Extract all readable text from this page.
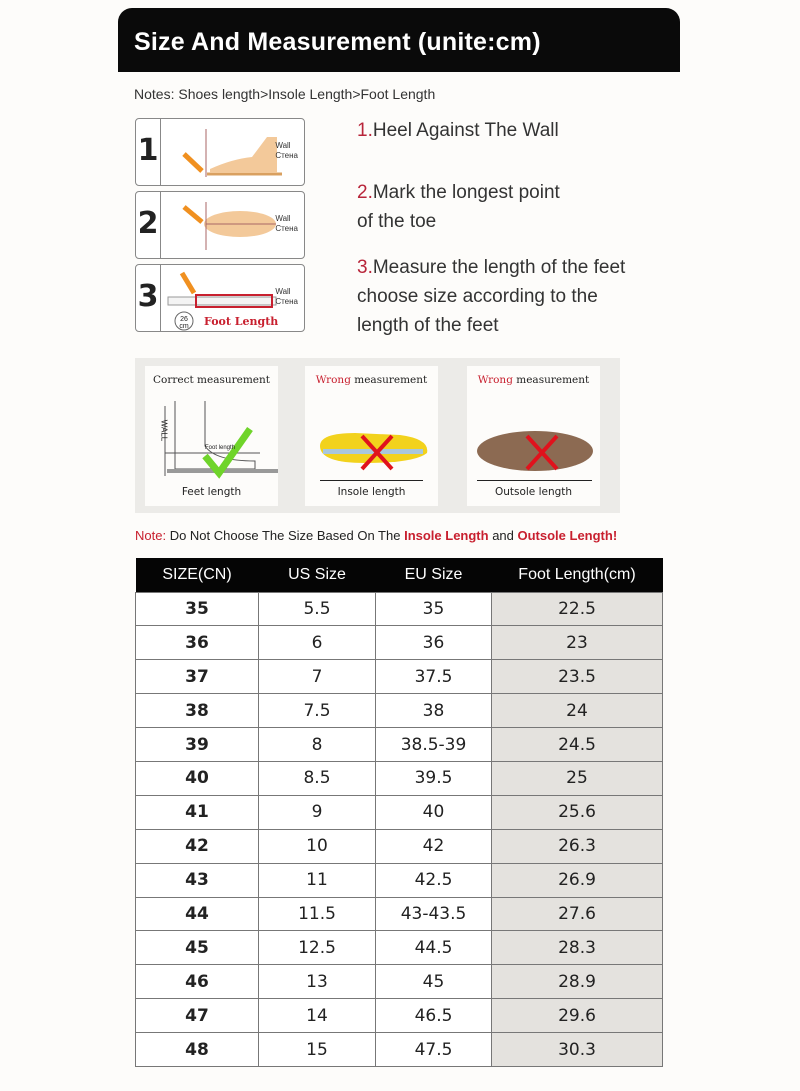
Size And Measurement (unite:cm)
Notes: Shoes length>Insole Length>Foot Length
1	Wall
Стена
2	Wall
Стена
3
26 cm	Foot Length
Wall
Стена
1.Heel Against The Wall
2.Mark the longest point
of the toe
3.Measure the length of the feet
choose size according to the
length of the feet
Correct measurement
WALL
Foot length
Feet length
Wrong measurement
Insole length
Wrong measurement
Outsole length
Note: Do Not Choose The Size Based On The Insole Length and Outsole Length!
SIZE(CN)	US Size	EU Size	Foot Length(cm)
35	5.5	35	22.5
36	6	36	23
37	7	37.5	23.5
38	7.5	38	24
39	8	38.5-39	24.5
40	8.5	39.5	25
41	9	40	25.6
42	10	42	26.3
43	11	42.5	26.9
44	11.5	43-43.5	27.6
45	12.5	44.5	28.3
46	13	45	28.9
47	14	46.5	29.6
48	15	47.5	30.3
